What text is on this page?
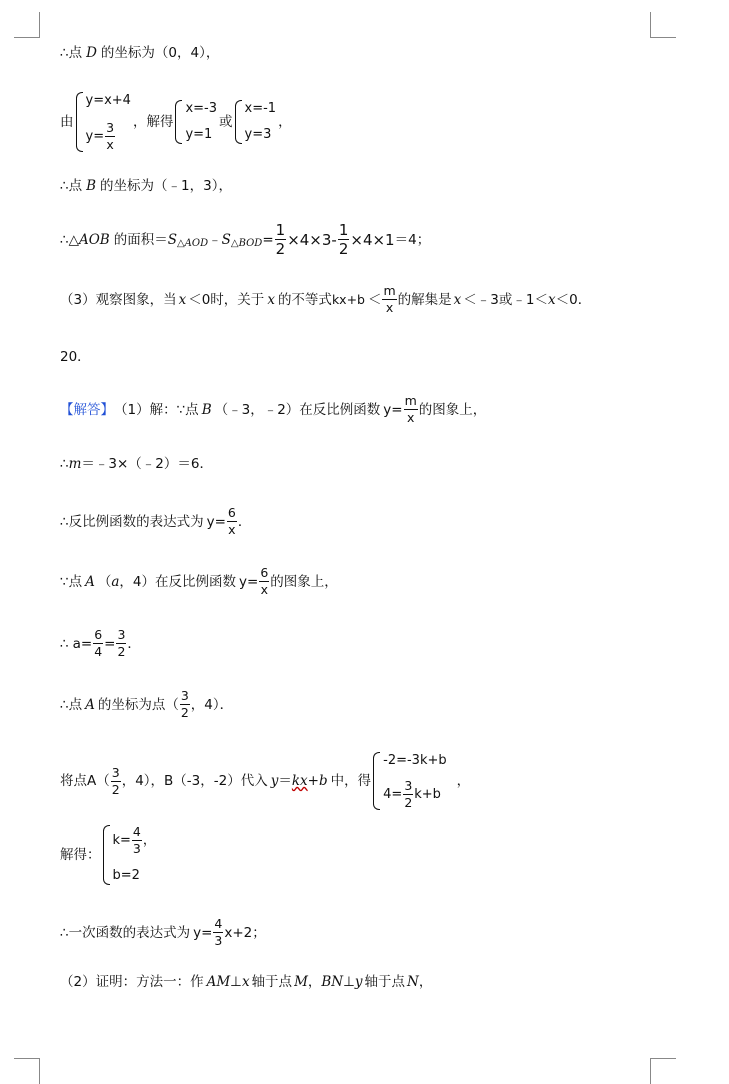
∴点 D 的坐标为（0，4），
由
y=x+4
$y= \frac{3}{x}$ ，解得
x=-3
y=1
或
x=-1
y=3
，
∴点 B 的坐标为（﹣1，3），
∴△ AOB 的面积＝ S △AOD ﹣ S △BOD = $\frac{1}{2} \times 4\times 3- \frac{1}{2} \times 4\times 1 =4$；
（3）观察图象，当 x ＜0时，关于 x 的不等式 $kx+b < \frac{m}{x}$ 的解集是 x ＜﹣3或﹣1＜ x ＜0．
20．
【解答】 （1）解：∵点 B （﹣3，﹣2）在反比例函数 $y= \frac{m}{x}$ 的图象上，
∴ m ＝﹣3×（﹣2）＝6．
∴反比例函数的表达式为 $y= \frac{6}{x}$ ．
∵点 A （ a ，4）在反比例函数 $y= \frac{6}{x}$ 的图象上，
∴ $a= \frac{6}{4} = \frac{3}{2}$ ．
∴点 A 的坐标为点（ $\frac{3}{2}$ ，4）．
将点 $A( \frac{3}{2}$ ，4），B（-3，-2）代入 y ＝ kx +b 中，得
-2=-3k+b
$4= \frac{3}{2} k+b$
，
解得：
$k= \frac{4}{3}$ ，
b=2
∴一次函数的表达式为 $y= \frac{4}{3} x+2$；
（2）证明：方法一：作 AM ⊥ x 轴于点 M ， BN ⊥ y 轴于点 N ，
